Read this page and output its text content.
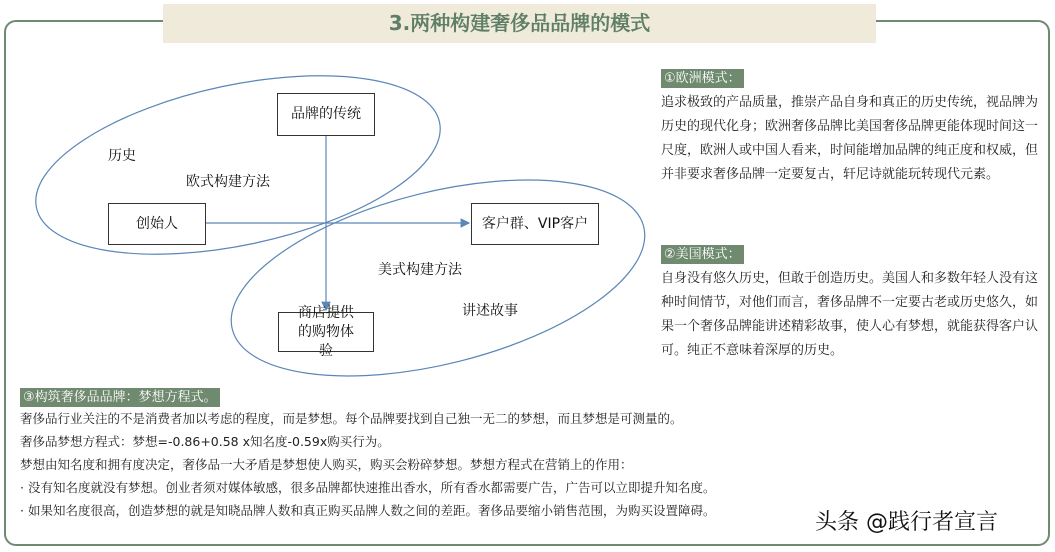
3.两种构建奢侈品品牌的模式
品牌的传统
创始人	客户群、VIP客户
商店提供的购物体验
历史
欧式构建方法
美式构建方法
讲述故事
①欧洲模式：
追求极致的产品质量，推崇产品自身和真正的历史传统，视品牌为历史的现代化身；欧洲奢侈品牌比美国奢侈品牌更能体现时间这一尺度，欧洲人或中国人看来，时间能增加品牌的纯正度和权威，但并非要求奢侈品牌一定要复古，轩尼诗就能玩转现代元素。
②美国模式：
自身没有悠久历史，但敢于创造历史。美国人和多数年轻人没有这种时间情节，对他们而言，奢侈品牌不一定要古老或历史悠久，如果一个奢侈品牌能讲述精彩故事，使人心有梦想，就能获得客户认可。纯正不意味着深厚的历史。
③构筑奢侈品品牌：梦想方程式。

奢侈品行业关注的不是消费者加以考虑的程度，而是梦想。每个品牌要找到自己独一无二的梦想，而且梦想是可测量的。

奢侈品梦想方程式：梦想=-0.86+0.58 x知名度-0.59x购买行为。

梦想由知名度和拥有度决定，奢侈品一大矛盾是梦想使人购买，购买会粉碎梦想。梦想方程式在营销上的作用：

· 没有知名度就没有梦想。创业者须对媒体敏感，很多品牌都快速推出香水，所有香水都需要广告，广告可以立即提升知名度。

· 如果知名度很高，创造梦想的就是知晓品牌人数和真正购买品牌人数之间的差距。奢侈品要缩小销售范围，为购买设置障碍。	头条 @践行者宣言
